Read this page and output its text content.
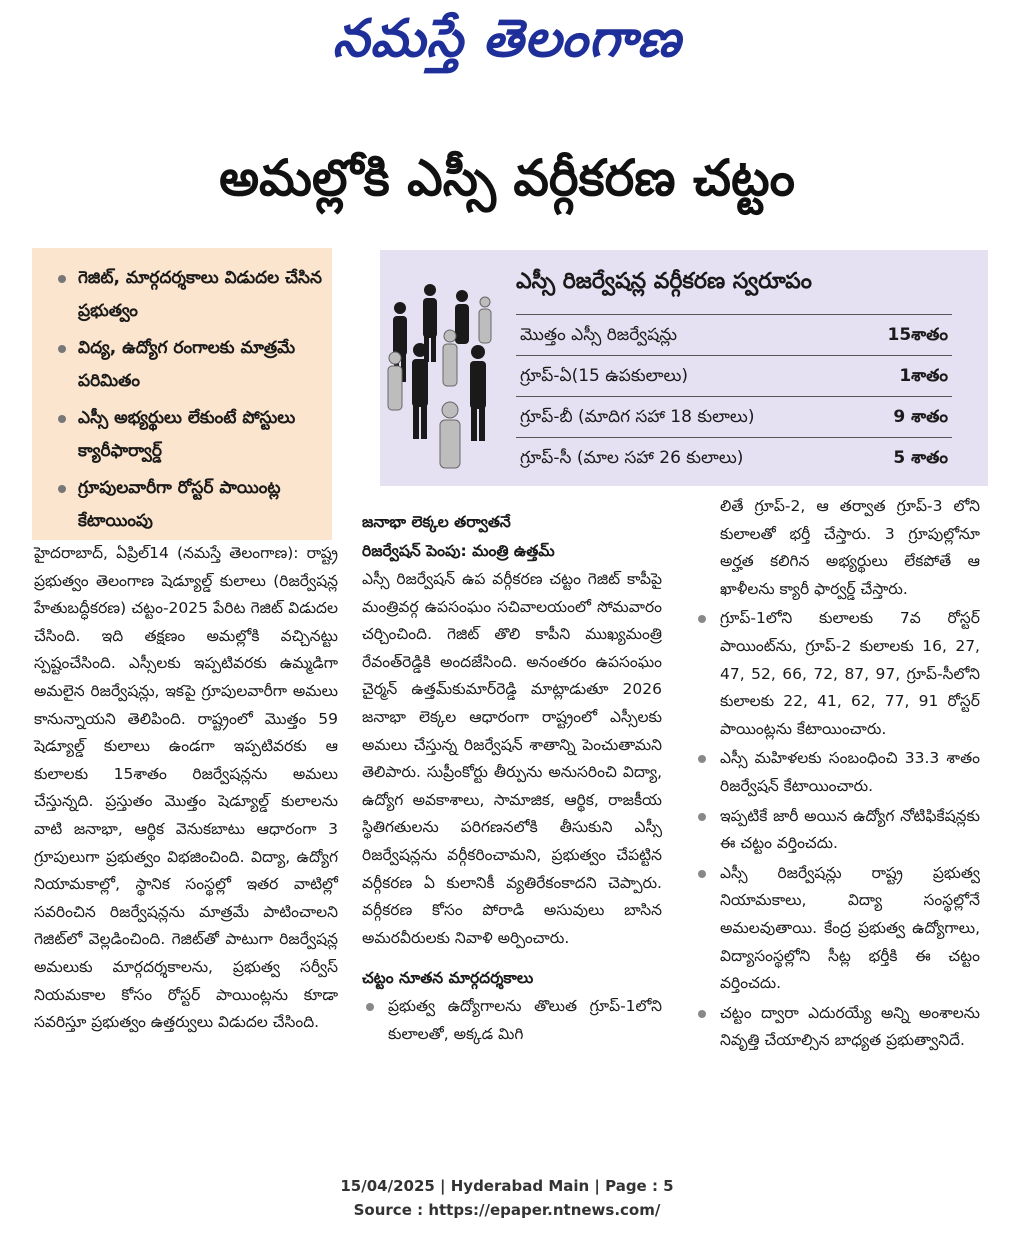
నమస్తే తెలంగాణ
అమల్లోకి ఎస్సీ వర్గీకరణ చట్టం
గెజిట్, మార్గదర్శకాలు విడుదల చేసిన ప్రభుత్వం
విద్య, ఉద్యోగ రంగాలకు మాత్రమే పరిమితం
ఎస్సీ అభ్యర్థులు లేకుంటే పోస్టులు క్యారీఫార్వార్డ్
గ్రూపులవారీగా రోస్టర్ పాయింట్ల కేటాయింపు
ఎస్సీ రిజర్వేషన్ల వర్గీకరణ స్వరూపం
మొత్తం ఎస్సీ రిజర్వేషన్లు	15శాతం
గ్రూప్-ఏ(15 ఉపకులాలు)	1శాతం
గ్రూప్-బీ (మాదిగ సహా 18 కులాలు)	9 శాతం
గ్రూప్-సీ (మాల సహా 26 కులాలు)	5 శాతం

హైదరాబాద్, ఏప్రిల్14 (నమస్తే తెలంగాణ): రాష్ట్ర ప్రభుత్వం తెలంగాణ షెడ్యూల్డ్ కులాలు (రిజర్వేషన్ల హేతుబద్ధీకరణ) చట్టం-2025 పేరిట గెజిట్ విడుదల చేసింది. ఇది తక్షణం అమల్లోకి వచ్చినట్టు స్పష్టంచేసింది. ఎస్సీలకు ఇప్పటివరకు ఉమ్మడిగా అమలైన రిజర్వేషన్లు, ఇకపై గ్రూపులవారీగా అమలు కానున్నాయని తెలిపింది. రాష్ట్రంలో మొత్తం 59 షెడ్యూల్డ్ కులాలు ఉండగా ఇప్పటివరకు ఆ కులాలకు 15శాతం రిజర్వేషన్లను అమలు చేస్తున్నది. ప్రస్తుతం మొత్తం షెడ్యూల్డ్ కులాలను వాటి జనాభా, ఆర్థిక వెనుకబాటు ఆధారంగా 3 గ్రూపులుగా ప్రభుత్వం విభజించింది. విద్యా, ఉద్యోగ నియామకాల్లో, స్థానిక సంస్థల్లో ఇతర వాటిల్లో సవరించిన రిజర్వేషన్లను మాత్రమే పాటించాలని గెజిట్‌లో వెల్లడించింది. గెజిట్‌తో పాటుగా రిజర్వేషన్ల అమలుకు మార్గదర్శకాలను, ప్రభుత్వ సర్వీస్ నియమకాల కోసం రోస్టర్ పాయింట్లను కూడా సవరిస్తూ ప్రభుత్వం ఉత్తర్వులు విడుదల చేసింది.

జనాభా లెక్కల తర్వాతనే

రిజర్వేషన్ పెంపు: మంత్రి ఉత్తమ్

ఎస్సీ రిజర్వేషన్ ఉప వర్గీకరణ చట్టం గెజిట్ కాపీపై మంత్రివర్గ ఉపసంఘం సచివాలయంలో సోమవారం చర్చించింది. గెజిట్ తొలి కాపీని ముఖ్యమంత్రి రేవంత్‌రెడ్డికి అందజేసింది. అనంతరం ఉపసంఘం చైర్మన్ ఉత్తమ్‌కుమార్‌రెడ్డి మాట్లాడుతూ 2026 జనాభా లెక్కల ఆధారంగా రాష్ట్రంలో ఎస్సీలకు అమలు చేస్తున్న రిజర్వేషన్ శాతాన్ని పెంచుతామని తెలిపారు. సుప్రీంకోర్టు తీర్పును అనుసరించి విద్యా, ఉద్యోగ అవకాశాలు, సామాజిక, ఆర్థిక, రాజకీయ స్థితిగతులను పరిగణనలోకి తీసుకుని ఎస్సీ రిజర్వేషన్లను వర్గీకరించామని, ప్రభుత్వం చేపట్టిన వర్గీకరణ ఏ కులానికీ వ్యతిరేకంకాదని చెప్పారు. వర్గీకరణ కోసం పోరాడి అసువులు బాసిన అమరవీరులకు నివాళి అర్పించారు.

చట్టం నూతన మార్గదర్శకాలు

ప్రభుత్వ ఉద్యోగాలను తొలుత గ్రూప్-1లోని కులాలతో, అక్కడ మిగి
లితే గ్రూప్-2, ఆ తర్వాత గ్రూప్-3 లోని కులాలతో భర్తీ చేస్తారు. 3 గ్రూపుల్లోనూ అర్హత కలిగిన అభ్యర్థులు లేకపోతే ఆ ఖాళీలను క్యారీ ఫార్వర్డ్ చేస్తారు.
గ్రూప్-1లోని కులాలకు 7వ రోస్టర్ పాయింట్‌ను, గ్రూప్-2 కులాలకు 16, 27, 47, 52, 66, 72, 87, 97, గ్రూప్-సీలోని కులాలకు 22, 41, 62, 77, 91 రోస్టర్ పాయింట్లను కేటాయించారు.
ఎస్సీ మహిళలకు సంబంధించి 33.3 శాతం రిజర్వేషన్ కేటాయించారు.
ఇప్పటికే జారీ అయిన ఉద్యోగ నోటిఫికేషన్లకు ఈ చట్టం వర్తించదు.
ఎస్సీ రిజర్వేషన్లు రాష్ట్ర ప్రభుత్వ నియామకాలు, విద్యా సంస్థల్లోనే అమలవుతాయి. కేంద్ర ప్రభుత్వ ఉద్యోగాలు, విద్యాసంస్థల్లోని సీట్ల భర్తీకి ఈ చట్టం వర్తించదు.
చట్టం ద్వారా ఎదురయ్యే అన్ని అంశాలను నివృత్తి చేయాల్సిన బాధ్యత ప్రభుత్వానిదే.
15/04/2025 | Hyderabad Main | Page : 5
Source : https://epaper.ntnews.com/
